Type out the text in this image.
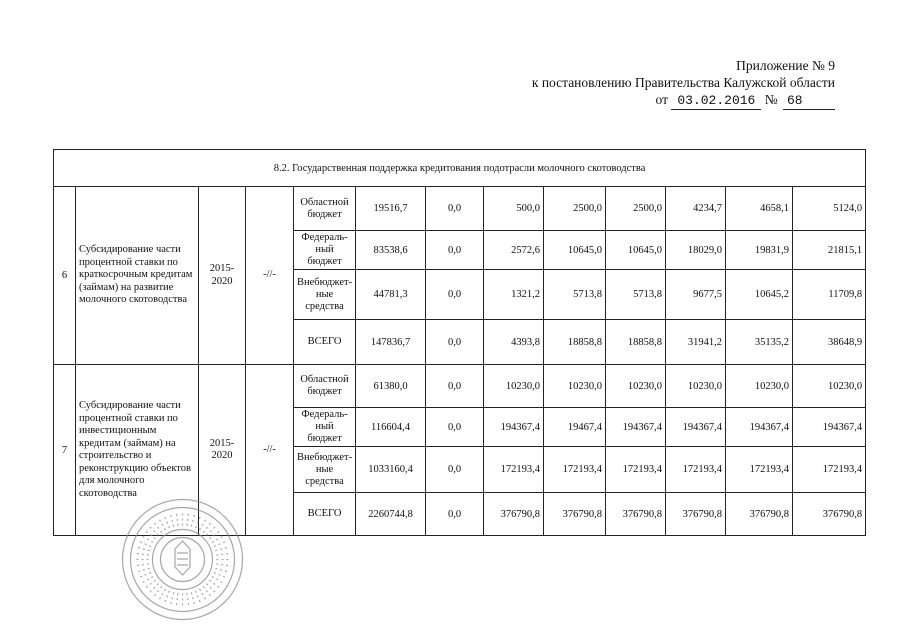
Приложение № 9
к постановлению Правительства Калужской области
от 03.02.2016 № 68
8.2. Государственная поддержка кредитования подотрасли молочного скотоводства												
6	Субсидирование части процентной ставки по краткосрочным кредитам (займам) на развитие молочного скотоводства	2015-2020	-//-	Областной бюджет	19516,7	0,0	500,0	2500,0	2500,0	4234,7	4658,1	5124,0
				Федераль-ный бюджет	83538,6	0,0	2572,6	10645,0	10645,0	18029,0	19831,9	21815,1
				Внебюджет-ные средства	44781,3	0,0	1321,2	5713,8	5713,8	9677,5	10645,2	11709,8
				ВСЕГО	147836,7	0,0	4393,8	18858,8	18858,8	31941,2	35135,2	38648,9
7	Субсидирование части процентной ставки по инвестиционным кредитам (займам) на строительство и реконструкцию объектов для молочного скотоводства	2015-2020	-//-	Областной бюджет	61380,0	0,0	10230,0	10230,0	10230,0	10230,0	10230,0	10230,0
				Федераль-ный бюджет	116604,4	0,0	194367,4	19467,4	194367,4	194367,4	194367,4	194367,4
				Внебюджет-ные средства	1033160,4	0,0	172193,4	172193,4	172193,4	172193,4	172193,4	172193,4
				ВСЕГО	2260744,8	0,0	376790,8	376790,8	376790,8	376790,8	376790,8	376790,8
